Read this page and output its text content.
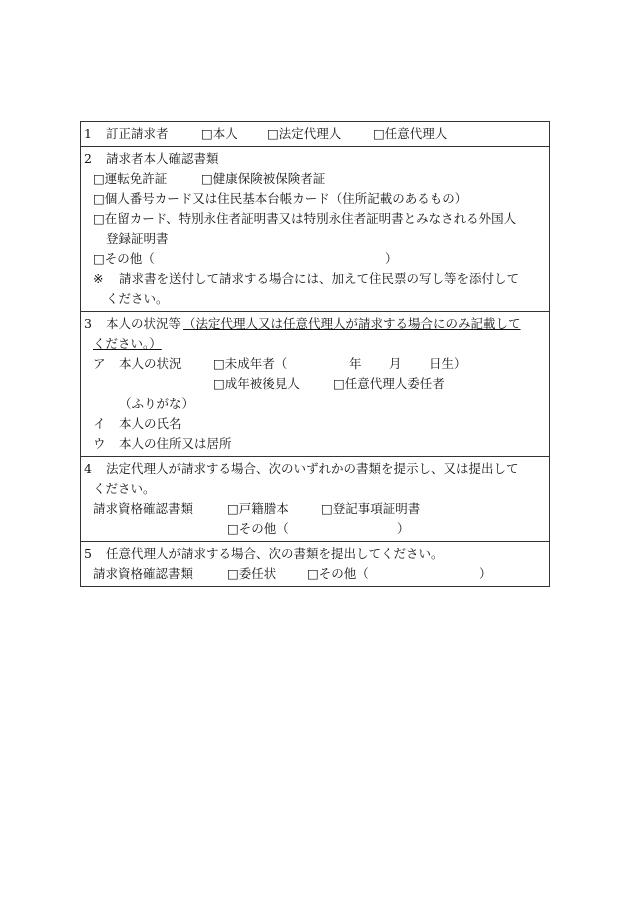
1 訂正請求者	□本人 □法定代理人	□任意代理人
2 請求者本人確認書類
□運転免許証	□健康保険被保険者証
□個人番号カード又は住民基本台帳カード（住所記載のあるもの）
□在留カード、特別永住者証明書又は特別永住者証明書とみなされる外国人
登録証明書
□その他（	）
※ 請求書を送付して請求する場合には、加えて住民票の写し等を添付して
ください。
3 本人の状況等 （法定代理人又は任意代理人が請求する場合にのみ記載して
ください。）
ア 本人の状況	□未成年者（	年 月 日生）
□成年被後見人	□任意代理人委任者
（ふりがな）
イ 本人の氏名
ウ 本人の住所又は居所
4 法定代理人が請求する場合、次のいずれかの書類を提示し、又は提出して
ください。
請求資格確認書類	□戸籍謄本	□登記事項証明書
□その他（	）
5 任意代理人が請求する場合、次の書類を提出してください。
請求資格確認書類	□委任状 □その他（	）
